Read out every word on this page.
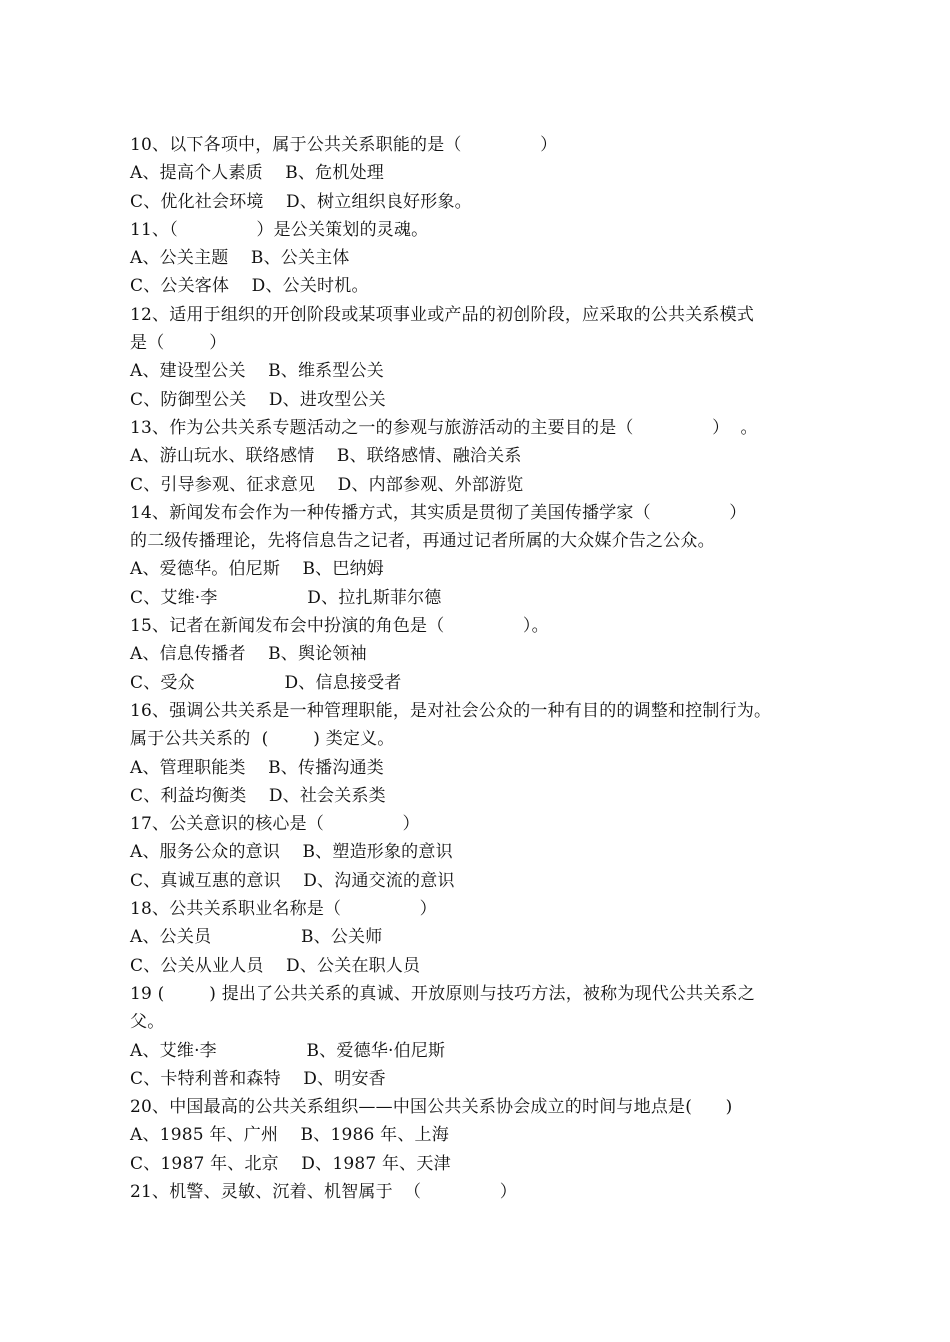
10、以下各项中，属于公共关系职能的是（              ）
A、提高个人素质    B、危机处理
C、优化社会环境    D、树立组织良好形象。
11、（              ）是公关策划的灵魂。
A、公关主题    B、公关主体
C、公关客体    D、公关时机。
12、适用于组织的开创阶段或某项事业或产品的初创阶段，应采取的公共关系模式
是（        ）
A、建设型公关    B、维系型公关
C、防御型公关    D、进攻型公关
13、作为公共关系专题活动之一的参观与旅游活动的主要目的是（              ）  。
A、游山玩水、联络感情    B、联络感情、融洽关系
C、引导参观、征求意见    D、内部参观、外部游览
14、新闻发布会作为一种传播方式，其实质是贯彻了美国传播学家（              ）
的二级传播理论，先将信息告之记者，再通过记者所属的大众媒介告之公众。
A、爱德华。伯尼斯    B、巴纳姆
C、艾维·李                D、拉扎斯菲尔德
15、记者在新闻发布会中扮演的角色是（              ）。
A、信息传播者    B、舆论领袖
C、受众                D、信息接受者
16、强调公共关系是一种管理职能，是对社会公众的一种有目的的调整和控制行为。
属于公共关系的  (        ) 类定义。
A、管理职能类    B、传播沟通类
C、利益均衡类    D、社会关系类
17、公关意识的核心是（              ）
A、服务公众的意识    B、塑造形象的意识
C、真诚互惠的意识    D、沟通交流的意识
18、公共关系职业名称是（              ）
A、公关员                B、公关师
C、公关从业人员    D、公关在职人员
19 (        ) 提出了公共关系的真诚、开放原则与技巧方法，被称为现代公共关系之
父。
A、艾维·李                B、爱德华·伯尼斯
C、卡特利普和森特    D、明安香
20、中国最高的公共关系组织——中国公共关系协会成立的时间与地点是(      )
A、1985 年、广州    B、1986 年、上海
C、1987 年、北京    D、1987 年、天津
21、机警、灵敏、沉着、机智属于  （              ）
